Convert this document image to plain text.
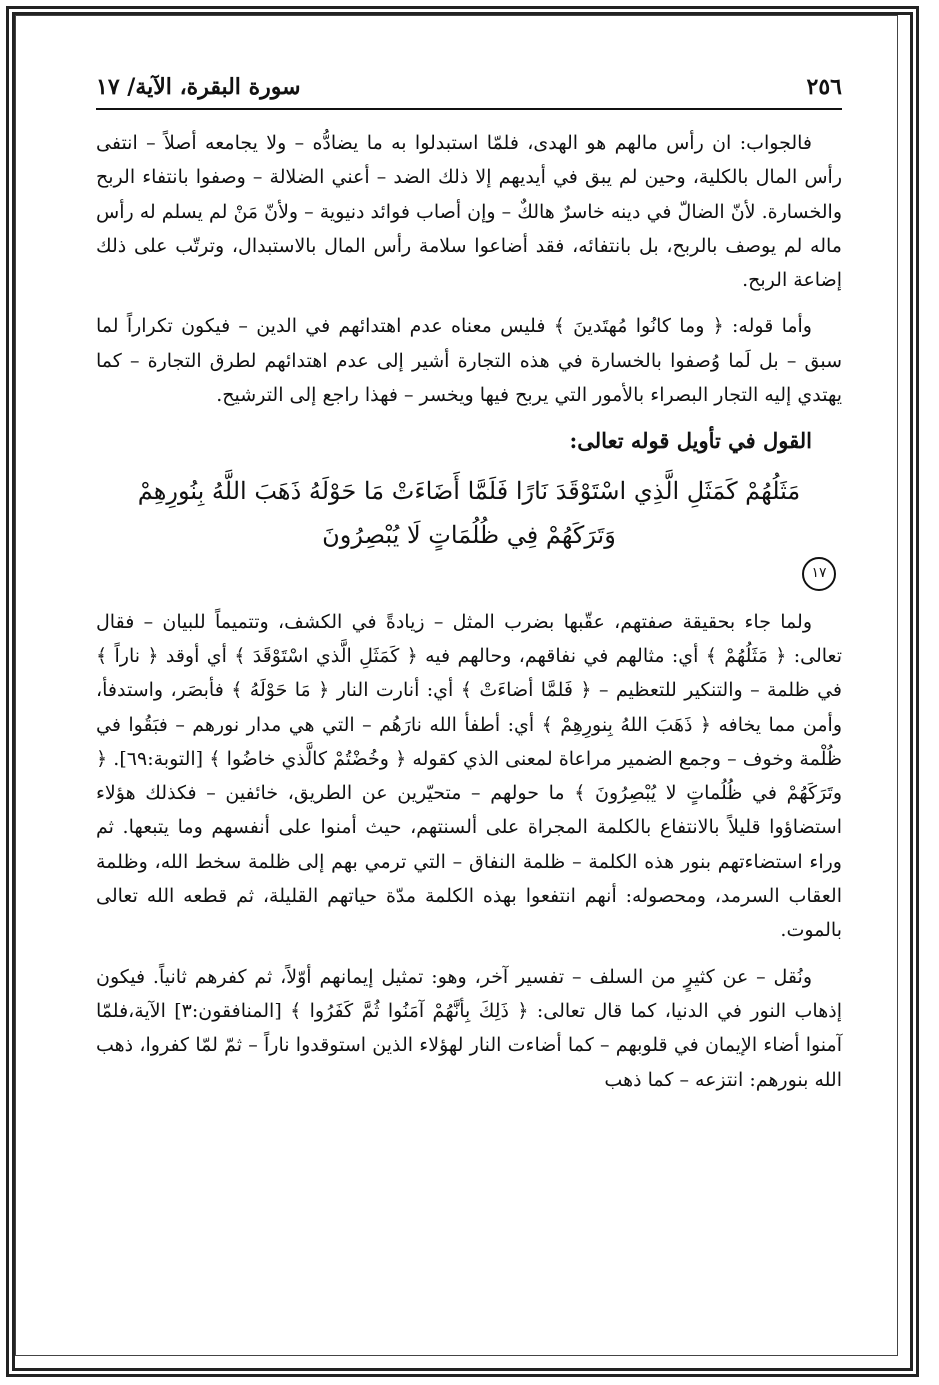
٢٥٦
سورة البقرة، الآية/ ١٧

فالجواب: ان رأس مالهم هو الهدى، فلمّا استبدلوا به ما يضادُّه – ولا يجامعه أصلاً – انتفى رأس المال بالكلية، وحين لم يبق في أيديهم إلا ذلك الضد – أعني الضلالة – وصفوا بانتفاء الربح والخسارة. لأنّ الضالّ في دينه خاسرٌ هالكٌ – وإن أصاب فوائد دنيوية – ولأنّ مَنْ لم يسلم له رأس ماله لم يوصف بالربح، بل بانتفائه، فقد أضاعوا سلامة رأس المال بالاستبدال، وترتّب على ذلك إضاعة الربح.

وأما قوله: ﴿ وما كانُوا مُهتَدينَ ﴾ فليس معناه عدم اهتدائهم في الدين – فيكون تكراراً لما سبق – بل لَما وُصفوا بالخسارة في هذه التجارة أشير إلى عدم اهتدائهم لطرق التجارة – كما يهتدي إليه التجار البصراء بالأمور التي يربح فيها ويخسر – فهذا راجع إلى الترشيح.

القول في تأويل قوله تعالى:
مَثَلُهُمْ كَمَثَلِ الَّذِي اسْتَوْقَدَ نَارًا فَلَمَّا أَضَاءَتْ مَا حَوْلَهُ ذَهَبَ اللَّهُ بِنُورِهِمْ
وَتَرَكَهُمْ فِي ظُلُمَاتٍ لَا يُبْصِرُونَ
١٧

ولما جاء بحقيقة صفتهم، عقّبها بضرب المثل – زيادةً في الكشف، وتتميماً للبيان – فقال تعالى: ﴿ مَثَلُهُمْ ﴾ أي: مثالهم في نفاقهم، وحالهم فيه ﴿ كَمَثَلِ الَّذي اسْتَوْقَدَ ﴾ أي أوقد ﴿ ناراً ﴾ في ظلمة – والتنكير للتعظيم – ﴿ فَلمَّا أضاءَتْ ﴾ أي: أنارت النار ﴿ مَا حَوْلَهُ ﴾ فأبصَر، واستدفأ، وأمن مما يخافه ﴿ ذَهَبَ اللهُ بِنورِهِمْ ﴾ أي: أطفأ الله نارَهُم – التي هي مدار نورهم – فبَقُوا في ظُلْمة وخوف – وجمع الضمير مراعاة لمعنى الذي كقوله ﴿ وخُضْتُمْ كالَّذي خاضُوا ﴾ [التوبة:٦٩]. ﴿ وتَرَكَهُمْ في ظُلُماتٍ لا يُبْصِرُونَ ﴾ ما حولهم – متحيّرين عن الطريق، خائفين – فكذلك هؤلاء استضاؤوا قليلاً بالانتفاع بالكلمة المجراة على ألسنتهم، حيث أمنوا على أنفسهم وما يتبعها. ثم وراء استضاءتهم بنور هذه الكلمة – ظلمة النفاق – التي ترمي بهم إلى ظلمة سخط الله، وظلمة العقاب السرمد، ومحصوله: أنهم انتفعوا بهذه الكلمة مدّة حياتهم القليلة، ثم قطعه الله تعالى بالموت.

ونُقل – عن كثيرٍ من السلف – تفسير آخر، وهو: تمثيل إيمانهم أوّلاً، ثم كفرهم ثانياً. فيكون إذهاب النور في الدنيا، كما قال تعالى: ﴿ ذَلِكَ بِأنَّهُمْ آمَنُوا ثُمَّ كَفَرُوا ﴾ [المنافقون:٣] الآية،فلمّا آمنوا أضاء الإيمان في قلوبهم – كما أضاءت النار لهؤلاء الذين استوقدوا ناراً – ثمّ لمّا كفروا، ذهب الله بنورهم: انتزعه – كما ذهب
